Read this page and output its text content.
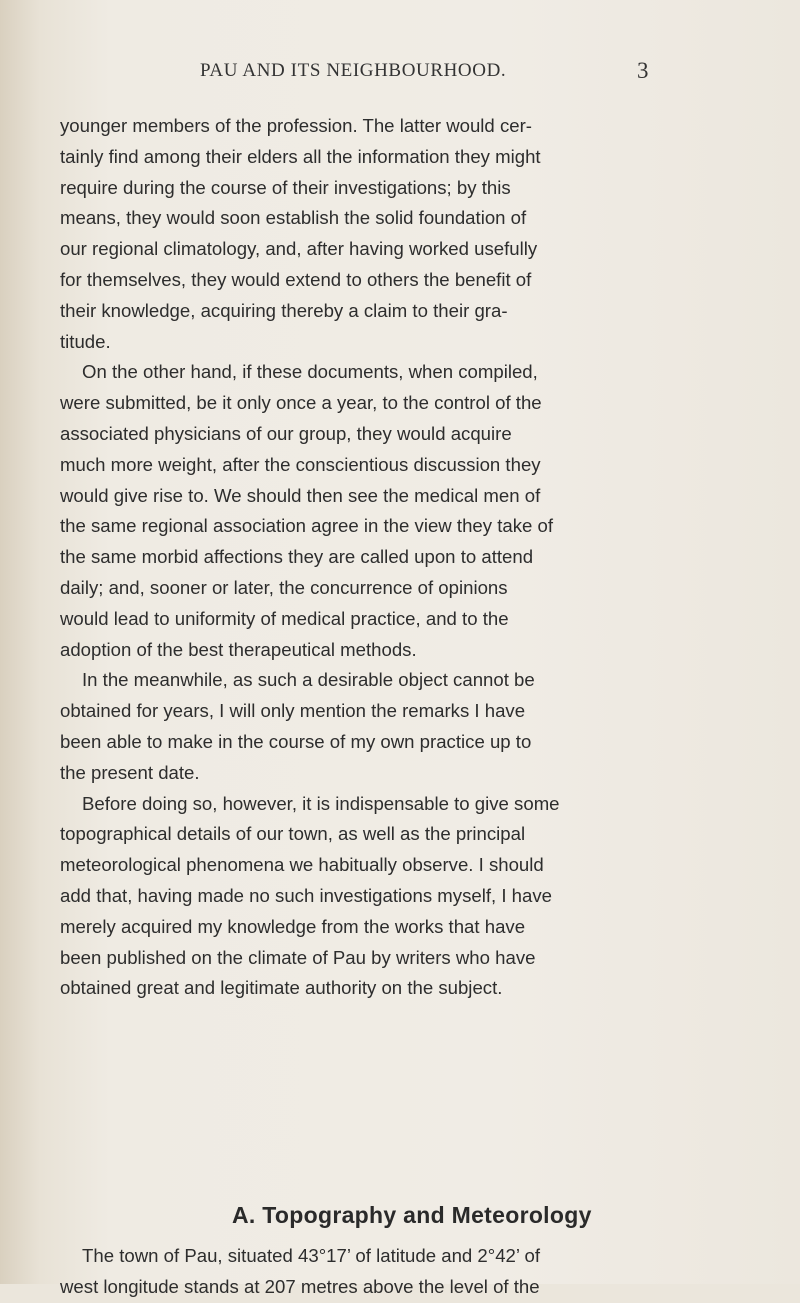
PAU AND ITS NEIGHBOURHOOD.	3
younger members of the profession. The latter would cer-
tainly find among their elders all the information they might
require during the course of their investigations; by this
means, they would soon establish the solid foundation of
our regional climatology, and, after having worked usefully
for themselves, they would extend to others the benefit of
their knowledge, acquiring thereby a claim to their gra-
titude.
On the other hand, if these documents, when compiled,
were submitted, be it only once a year, to the control of the
associated physicians of our group, they would acquire
much more weight, after the conscientious discussion they
would give rise to. We should then see the medical men of
the same regional association agree in the view they take of
the same morbid affections they are called upon to attend
daily; and, sooner or later, the concurrence of opinions
would lead to uniformity of medical practice, and to the
adoption of the best therapeutical methods.
In the meanwhile, as such a desirable object cannot be
obtained for years, I will only mention the remarks I have
been able to make in the course of my own practice up to
the present date.
Before doing so, however, it is indispensable to give some
topographical details of our town, as well as the principal
meteorological phenomena we habitually observe. I should
add that, having made no such investigations myself, I have
merely acquired my knowledge from the works that have
been published on the climate of Pau by writers who have
obtained great and legitimate authority on the subject.
A. Topography and Meteorology
The town of Pau, situated 43°17’ of latitude and 2°42’ of
west longitude stands at 207 metres above the level of the
